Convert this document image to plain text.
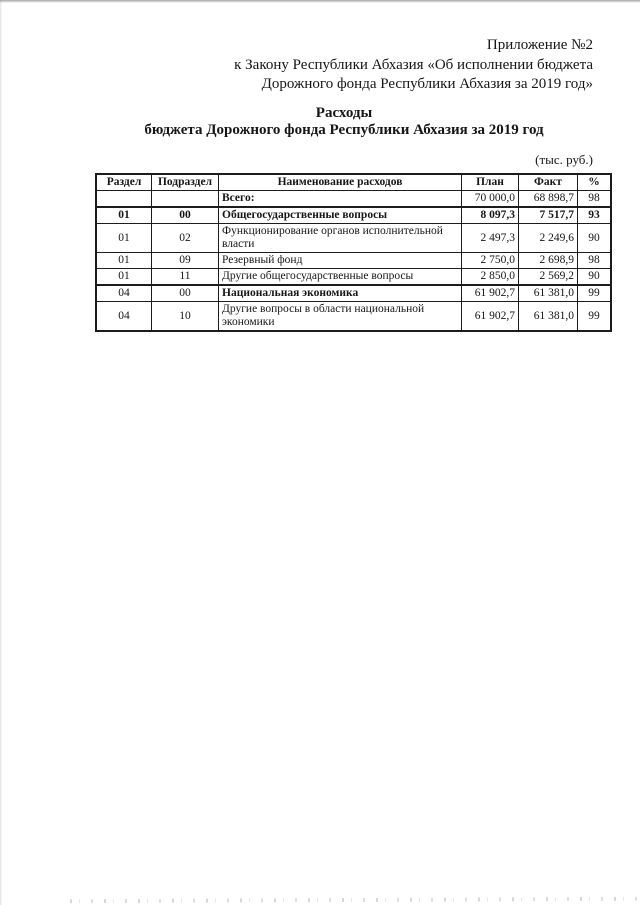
Приложение №2
к Закону Республики Абхазия «Об исполнении бюджета
Дорожного фонда Республики Абхазия за 2019 год»
Расходы
бюджета Дорожного фонда Республики Абхазия за 2019 год
(тыс. руб.)
Раздел	Подраздел	Наименование расходов	План	Факт	%
		Всего:	70 000,0	68 898,7	98
01	00	Общегосударственные вопросы	8 097,3	7 517,7	93
01	02	Функционирование органов исполнительной власти	2 497,3	2 249,6	90
01	09	Резервный фонд	2 750,0	2 698,9	98
01	11	Другие общегосударственные вопросы	2 850,0	2 569,2	90
04	00	Национальная экономика	61 902,7	61 381,0	99
04	10	Другие вопросы в области национальной экономики	61 902,7	61 381,0	99
